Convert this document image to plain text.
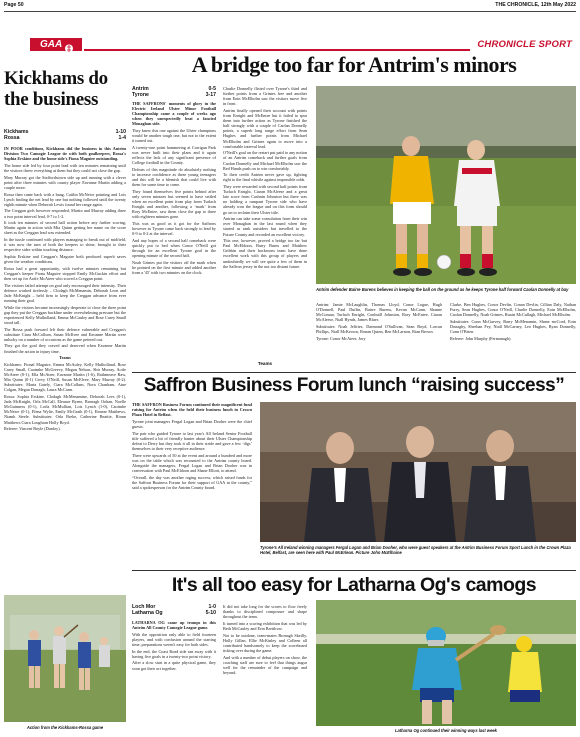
Page 50	THE CHRONICLE, 12th May 2022
GAA	CHRONICLE SPORT
Kickhams do the business
Kickhams	1-10
Rossa	1-4

IN POOR conditions, Kickhams did the business in this Antrim Division Two Camogie League tie with both goalkeepers, Rossa's Sophia Erskine and the home side's Fiona Maguire outstanding.

The home side led by four point lead with ten minutes remaining until the visitors threw everything at them but they could not close the gap.

Mary Murray got the Staffordstown side up and running with a clever point after three minutes with county player Eavanne Martin adding a couple more.

Rossa then came back with a bang, Caitlin McNeice pointing and Lois Lynch finding the net lead by one but nothing followed until the twenty eighth minute when Deborah Lewis found her range again.

The Creggan girls however responded, Martin and Murray adding three a two point interval lead, 0-7 to 1-2.

It took ten minutes of second half action before any further scoring, Martin again in action with Mia Quinn getting her name on the score sheet as the Creggan lead was extended.

In the tussle continued with players managing to break out of midfield, it was now the turn of both the keepers to shine, brought to their respective sides within touching distance.

Sophia Erskine and Creggan's Maguire both produced superb saves given the weather conditions.

Rossa had a great opportunity, with twelve minutes remaining but Creggan's keeper Fiona Maguire stopped Emily McGuckin effort and then set up for Aoife McAteer who scored a Creggan point.

The visitors failed attempt on goal only encouraged their intensity. Their defence worked tirelessly – Clodagh McMenamin, Deborah Leon and Jade McKnight – held firm to keep the Creggan advance from ever running their goal.

While the visitors became increasingly desperate to close the three point gap they put the Creggan backline under overwhelming pressure but the experienced Kelly Mulholland, Emma McCauley and Rose Carey Small stood tall.

The Rossa push forward left their defence vulnerable and Creggan's substitute Ciara McCollum, Susan McIlvee and Eavanne Martin were unlucky on a number of occasions as the game petered out.

They got the goal they craved and deserved when Eavanne Martin finished the action in injury time.

Teams

Kickhams: Fional Maguire, Emma McAuley, Kelly Mulholland, Rose Carey Small, Caoimhe McGreevy, Megan Nelson, Shir Murray, Aoife McAteer (0-1), Ella McAteer, Eavanne Martin (1-6), Rathmeave Raw, Mia Quinn (0-1) Cervy O'Neill, Susan McElvee, Mary Murray (0-2). Substitutes: Maria Gately, Ciara McCollum, Nora Chanbam, Aine Colgan, Megan Darragh, Laura McCann.

Rossa: Sophia Erskine, Clodagh McMenamine, Deborah Lees (0-1), Jada McKnight, Orla McCall, Eleanor Byrne, Bronagh Oohan, Noelle McGuinness (0-1), Lorla McMullian, Lois Lynch (1-0), Caoimhe McNeice (0-1), Elena Wylie, Emily McGrath (0-1), Eimear Matthews, Niamh Steele. Substitutes: Orla Breke, Catherine Beattie, Rionn Matthews Ciara Loughran Holly Boyd.

Referee: Vincent Boyle (Dunloy).

Action from the Kickhams-Rossa game
A bridge too far for Antrim's minors
Antrim	0-5
Tyrone	3-17

THE SAFFRONS' moments of glory in the Electric Ireland Ulster Minor Football Championship came a couple of weeks ago when they unexpectedly beat a fancied Monaghan side.

They knew this one against the Ulster champions would be another tough one, but not to the extent it turned out.

A twenty-one point hammering at Corrigan Park was never built into their plans and it again reflects the lack of any significant presence of College football in the County.

Defeats of this magnitude do absolutely nothing to increase confidence as these young teenagers and this will be a blemish that could live with them for some time to come.

They found themselves five points behind after only seven minutes but seemed to have settled when an excellent point from play from Turlach Enright and another, following a ‘mark’ from Rory McEntee, saw them close the gap to three with eighteen minutes gone.

This was as good as it got for the Saffrons however as Tyrone came back strongly to lead by 0-9 to 0-2 at the interval.

And any hopes of a second half comeback were quickly put to bed when Conor O'Neill got through for an excellent Tyrone goal in the opening minute of the second half.

Noah Grimes put the visitors off the mark when he pointed on the first minute and added another from a '45' with two minutes on the clock.

Charlie Donnelly flisted over Tyrone's third and further points from a Grimes free and another from Eoin McElholm saw the visitors move five in front.

Antrim finally opened their account with points from Enright and McEntee but it failed to spur them into further action as Tyrone finished the half strongly with a couple of Caolan Donnelly points, a superb long range effort from Sean Hughes and further points from Michael McElholm and Grimes again to move into a comfortable interval lead.

O'Neill's goal on the restart put paid to any notion of an Antrim comeback and further goals from Caolan Donnelly and Michael McElholm saw the Red Hands push on to win comfortably.

To their credit Antrim never gave up, fighting right to the final whistle against impossible odds.

They were rewarded with second half points from Turlach Enright, Ciaran McAleese and a great late score from Cashnin Johnston but there was no holding a rampant Tyrone side who have already won the league and on this form should go on to reclaim their Ulster title.

Antrim can take some consolation from their win over Monaghan in the last round when they started as rank outsiders but travelled to the Future County and recorded an excellent victory.

This one, however, proved a bridge too far but Paul McEldoon, Barry Burns and Matthew Gribbin and their backroom team have done excellent work with this group of players and undoubtedly we will see quite a few of them in the Saffron jersey in the not too distant future.

Teams
Antrim defender Baírre Burens believes in keeping the ball on the ground as he keeps Tyrone half forward Caolan Donnelly at bay

Antrim: Jamie McLaughlin, Thomas Lloyd, Conor Logue, Hugh O'Donnell, Paul Duffin, Bairre Burens, Kevan McCann, Shanne McComan, Turlach Enright, Conhuill Johnston, Rory McEntee, Ciaran McAleese, Niall Hynds, James Bluer.

Substitutes: Noah Jeffries, Darmond O'Sullivan, Sean Boyd, Lorcan Phillips, Niall McKeown, Ronan Quinn, Ben McLarnon, Rian Brown.

Tyrone: Conor McAteer, Jory

Clarke, Ben Hughes, Conor Devlin, Conan Devlin, Cillian Daly, Nathan Furry, Sean Hughes, Conor O'Neill, Charlie Donnelly, Eoin McElholm, Caolan Donnelly, Noah Grimes, Ruairi McCullagh, Michael McElholm.

Substitutes: Conn McGarvey, Barry McMenamin, Shane mcCord, Eoin Donaghy, Sheehan Fey, Niall McCarney, Leo Hughes, Ryan Donnelly, Conn O'Brien.

Referee: John Murphy (Fermanagh).

Saffron Business Forum lunch “raising success”

THE SAFFRON Business Forum continued their magnificent fund raising for Antrim when the held their business lunch in Crown Plaza Hotel in Belfast.

Tyrone joint managers Fergal Logan and Brian Dooher were the chief guests.

The pair who guided Tyrone to last year's All Ireland Senior Football title suffered a bit of friendly banter about their Ulster Championship defeat to Derry but they took it all in their stride and gave a few ‘digs’ themselves to their very receptive audience.

There were upwards of 50 at the event and around a hundred and more was on the table which was recounted to the Antrim county board. Alongside the managers, Fergal Logan and Brian Dooher was in conversation with Paul McEldoon and Shane Elliott, to attend.

“Overall, the day was another raging success, which raised funds for the Saffron Business Forum for their support of GAA in the county,” said a spokesperson for the Antrim County board.

Tyrone's All Ireland winning managers Fergal Logan and Brian Dooher, who were guest speakers at the Antrim Business Forum Sport Lunch in the Crown Plaza Hotel, Belfast, are seen here with Paul McErlean. Picture John McElhaine
It's all too easy for Latharna Og's camogs
Loch Mor	1-0
Latharna Og	5-10

LATHARNA OG came up trumps in this Antrim All County Camogie League game.

With the opposition only able to field fourteen players, and with confusion around the starting time, preparations weren't easy for both sides.

In the end, the Coast Road side ran away with it having five goals in a twenty-two point victory.

After a slow start in a quite physical game, they soon got their act together.

It did not take long for the scores to flow freely thanks to disciplined composure and shape throughout the team.

It turned into a scoring exhibition that was led by Beth McCauley and Erin Brettlrow.

Not to be outdone, team-mates Bronagh Skeilly, Holly Gillan, Ellie McKinley and Colleen all contributed handsomely to keep the scoreboard ticking over during the game.

And with a number of debut players on show, the coaching staff are sure to feel that things augur well for the remainder of the campaign and beyond.

Latharna Og continued their winning ways last week
